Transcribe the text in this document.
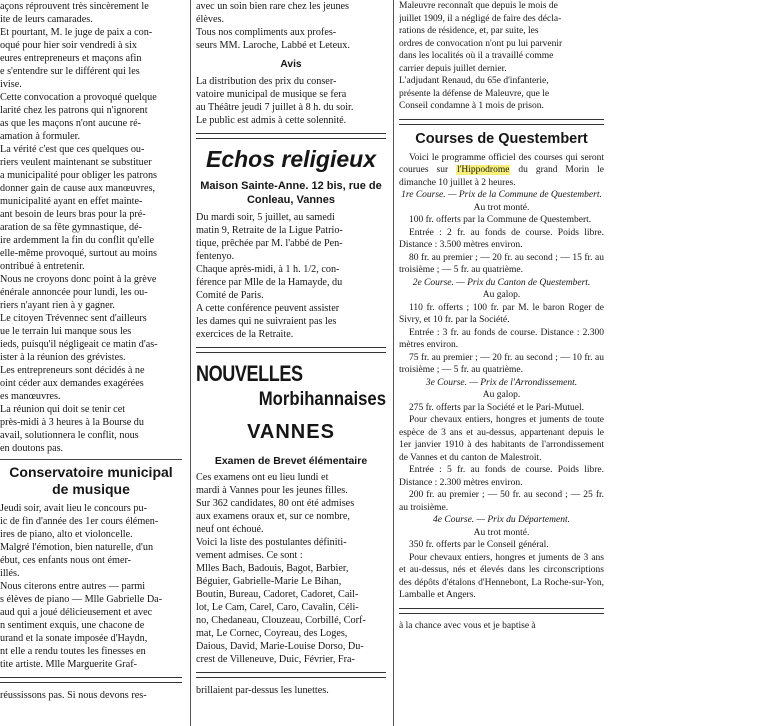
açons réprouvent très sincèrement le

ite de leurs camarades.

Et pourtant, M. le juge de paix a con-

oqué pour hier soir vendredi à six

eures entrepreneurs et maçons afin

e s'entendre sur le différent qui les

ivise.

Cette convocation a provoqué quelque

larité chez les patrons qui n'ignorent

as que les maçons n'ont aucune ré-

amation à formuler.

La vérité c'est que ces quelques ou-

riers veulent maintenant se substituer

a municipalité pour obliger les patrons

donner gain de cause aux manœuvres,

municipalité ayant en effet mainte-

ant besoin de leurs bras pour la pré-

aration de sa fête gymnastique, dé-

ire ardemment la fin du conflit qu'elle

elle-même provoqué, surtout au moins

ontribué à entretenir.

Nous ne croyons donc point à la grève

énérale annoncée pour lundi, les ou-

riers n'ayant rien à y gagner.

Le citoyen Trévennec sent d'ailleurs

ue le terrain lui manque sous les

ieds, puisqu'il négligeait ce matin d'as-

ister à la réunion des grévistes.

Les entrepreneurs sont décidés à ne

oint céder aux demandes exagérées

es manœuvres.

La réunion qui doit se tenir cet

près-midi à 3 heures à la Bourse du

avail, solutionnera le conflit, nous

en doutons pas.

Conservatoire municipal de musique

Jeudi soir, avait lieu le concours pu-

ic de fin d'année des 1er cours élémen-

ires de piano, alto et violoncelle.

Malgré l'émotion, bien naturelle, d'un

ébut, ces enfants nous ont émer-

illés.

Nous citerons entre autres — parmi

s élèves de piano — Mlle Gabrielle Da-

aud qui a joué délicieusement et avec

n sentiment exquis, une chacone de

urand et la sonate imposée d'Haydn,

nt elle a rendu toutes les finesses en

tite artiste. Mlle Marguerite Graf-

réussissons pas. Si nous devons res-

avec un soin bien rare chez les jeunes

élèves.

Tous nos compliments aux profes-

seurs MM. Laroche, Labbé et Leteux.

Avis

La distribution des prix du conser-

vatoire municipal de musique se fera

au Théâtre jeudi 7 juillet à 8 h. du soir.

Le public est admis à cette solennité.

Echos religieux
Maison Sainte-Anne. 12 bis, rue de Conleau, Vannes

Du mardi soir, 5 juillet, au samedi

matin 9, Retraite de la Ligue Patrio-

tique, prêchée par M. l'abbé de Pen-

fentenyo.

Chaque après-midi, à 1 h. 1/2, con-

férence par Mlle de la Hamayde, du

Comité de Paris.

A cette conférence peuvent assister

les dames qui ne suivraient pas les

exercices de la Retraite.

NOUVELLES
Morbihannaises
VANNES
Examen de Brevet élémentaire

Ces examens ont eu lieu lundi et

mardi à Vannes pour les jeunes filles.

Sur 362 candidates, 80 ont été admises

aux examens oraux et, sur ce nombre,

neuf ont échoué.

Voici la liste des postulantes définiti-

vement admises. Ce sont :

Mlles Bach, Badouis, Bagot, Barbier,

Béguier, Gabrielle-Marie Le Bihan,

Boutin, Bureau, Cadoret, Cadoret, Cail-

lot, Le Cam, Carel, Caro, Cavalin, Céli-

no, Chedaneau, Clouzeau, Corbillé, Corf-

mat, Le Cornec, Coyreau, des Loges,

Daious, David, Marie-Louise Dorso, Du-

crest de Villeneuve, Duic, Février, Fra-

brillaient par-dessus les lunettes.

Maleuvre reconnaît que depuis le mois de

juillet 1909, il a négligé de faire des décla-

rations de résidence, et, par suite, les

ordres de convocation n'ont pu lui parvenir

dans les localités où il a travaillé comme

carrier depuis juillet dernier.

L'adjudant Renaud, du 65e d'infanterie,

présente la défense de Maleuvre, que le

Conseil condamne à 1 mois de prison.

Courses de Questembert

Voici le programme officiel des courses qui seront courues sur l'Hippodrome du grand Morin le dimanche 10 juillet à 2 heures.

1re Course. — Prix de la Commune de Questembert.

Au trot monté.

100 fr. offerts par la Commune de Questembert.

Entrée : 2 fr. au fonds de course. Poids libre. Distance : 3.500 mètres environ.

80 fr. au premier ; — 20 fr. au second ; — 15 fr. au troisième ; — 5 fr. au quatrième.

2e Course. — Prix du Canton de Questembert.

Au galop.

110 fr. offerts ; 100 fr. par M. le baron Roger de Sivry, et 10 fr. par la Société.

Entrée : 3 fr. au fonds de course. Distance : 2.300 mètres environ.

75 fr. au premier ; — 20 fr. au second ; — 10 fr. au troisième ; — 5 fr. au quatrième.

3e Course. — Prix de l'Arrondissement.

Au galop.

275 fr. offerts par la Société et le Pari-Mutuel.

Pour chevaux entiers, hongres et juments de toute espèce de 3 ans et au-dessus, appartenant depuis le 1er janvier 1910 à des habitants de l'arrondissement de Vannes et du canton de Malestroit.

Entrée : 5 fr. au fonds de course. Poids libre. Distance : 2.300 mètres environ.

200 fr. au premier ; — 50 fr. au second ; — 25 fr. au troisième.

4e Course. — Prix du Département.

Au trot monté.

350 fr. offerts par le Conseil général.

Pour chevaux entiers, hongres et juments de 3 ans et au-dessus, nés et élevés dans les circonscriptions des dépôts d'étalons d'Hennebont, La Roche-sur-Yon, Lamballe et Angers.

à la chance avec vous et je baptise à
